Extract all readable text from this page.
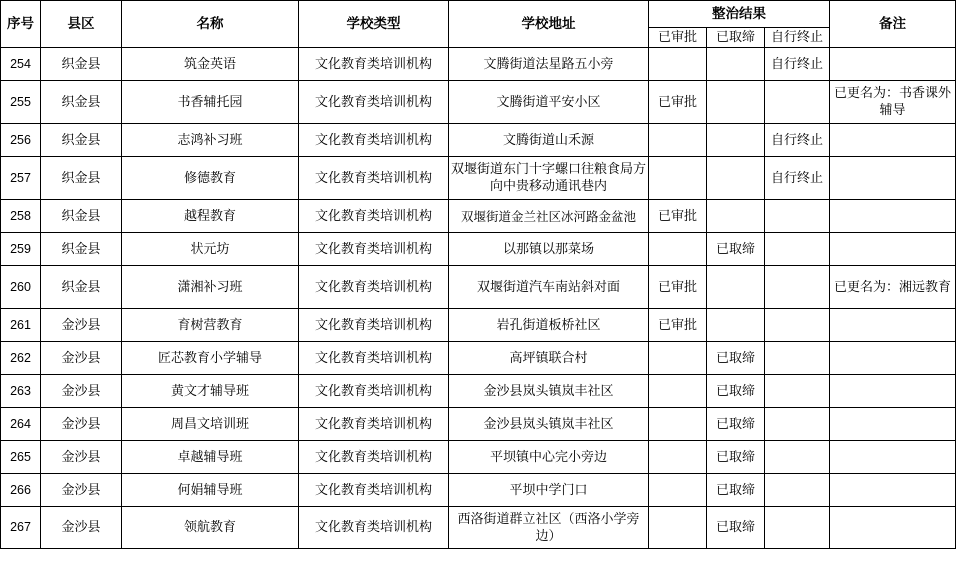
序号	县区	名称	学校类型	学校地址	整治结果			备注
					已审批	已取缔	自行终止	
254	织金县	筑金英语	文化教育类培训机构	文腾街道法星路五小旁			自行终止	
255	织金县	书香辅托园	文化教育类培训机构	文腾街道平安小区	已审批			已更名为：书香课外辅导
256	织金县	志鸿补习班	文化教育类培训机构	文腾街道山禾源			自行终止	
257	织金县	修德教育	文化教育类培训机构	双堰街道东门十字螺口往粮食局方向中贵移动通讯巷内			自行终止	
258	织金县	越程教育	文化教育类培训机构	双堰街道金兰社区冰河路金盆池	已审批			
259	织金县	状元坊	文化教育类培训机构	以那镇以那菜场		已取缔		
260	织金县	潇湘补习班	文化教育类培训机构	双堰街道汽车南站斜对面	已审批			已更名为：湘远教育
261	金沙县	育树营教育	文化教育类培训机构	岩孔街道板桥社区	已审批			
262	金沙县	匠芯教育小学辅导	文化教育类培训机构	高坪镇联合村		已取缔		
263	金沙县	黄文才辅导班	文化教育类培训机构	金沙县岚头镇岚丰社区		已取缔		
264	金沙县	周昌文培训班	文化教育类培训机构	金沙县岚头镇岚丰社区		已取缔		
265	金沙县	卓越辅导班	文化教育类培训机构	平坝镇中心完小旁边		已取缔		
266	金沙县	何娟辅导班	文化教育类培训机构	平坝中学门口		已取缔		
267	金沙县	领航教育	文化教育类培训机构	西洛街道群立社区（西洛小学旁边）		已取缔		
